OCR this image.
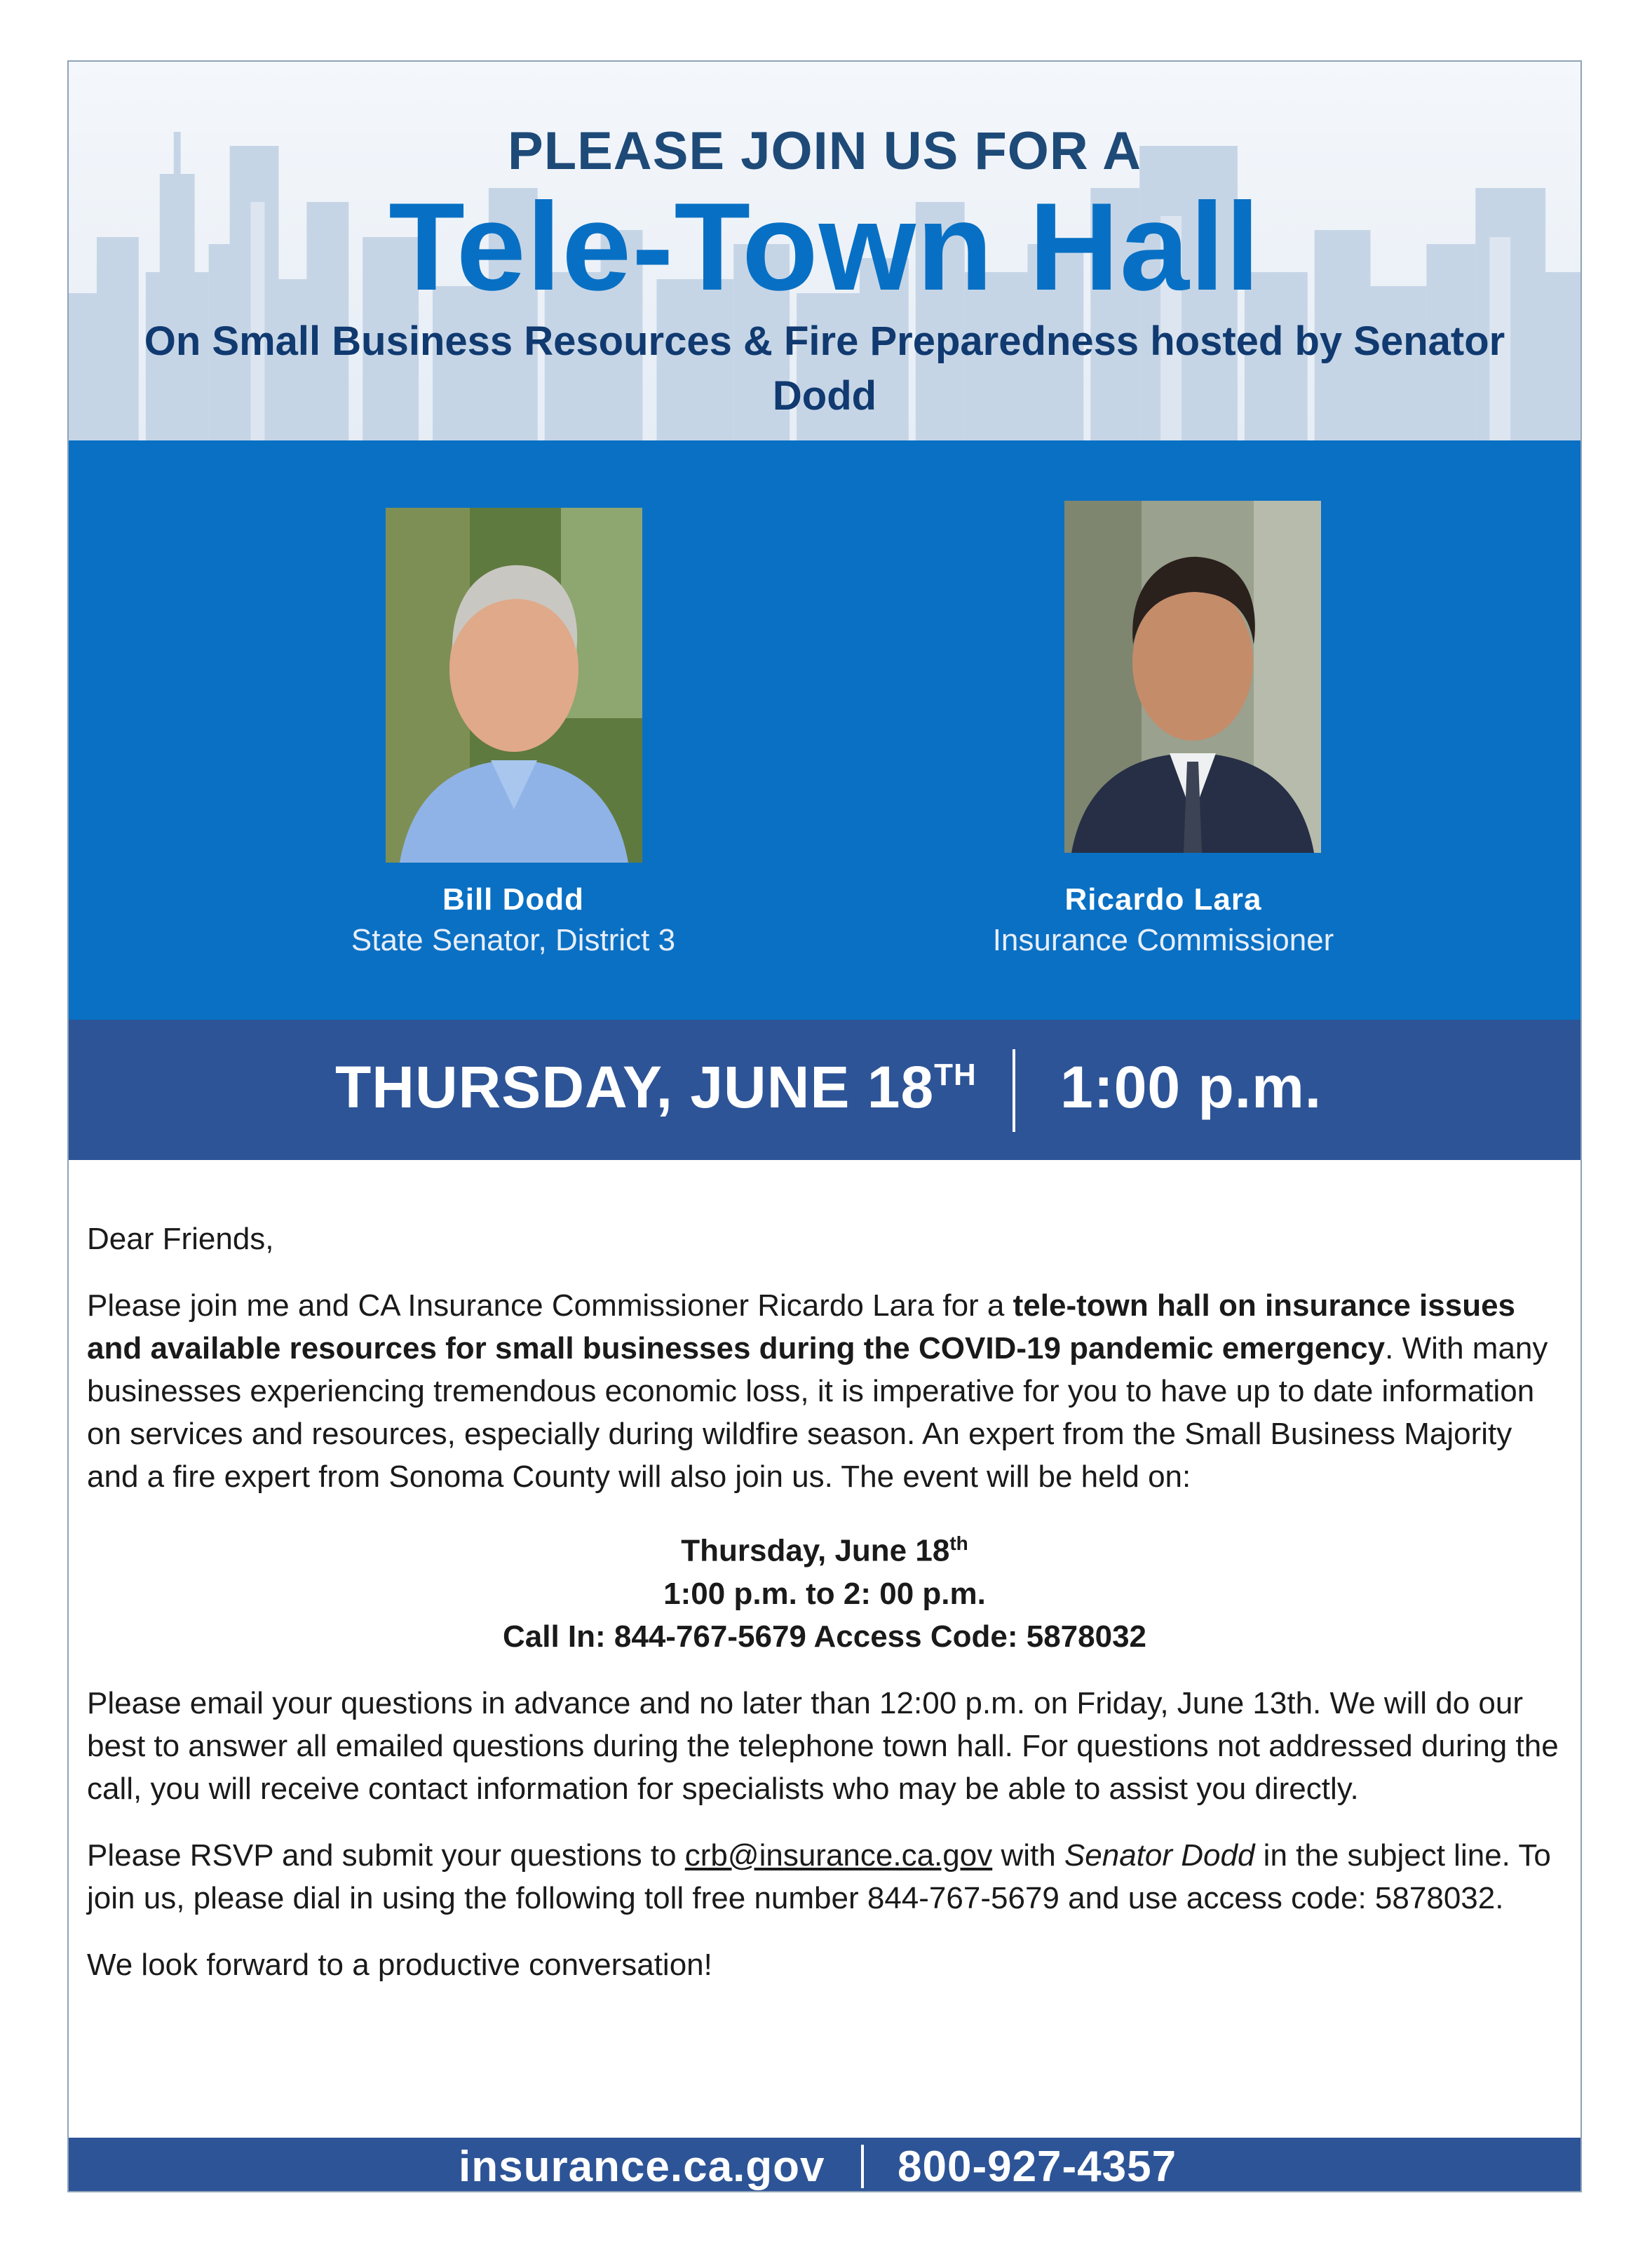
PLEASE JOIN US FOR A
Tele-Town Hall
On Small Business Resources & Fire Preparedness hosted by Senator Dodd
Bill Dodd
State Senator, District 3
Ricardo Lara
Insurance Commissioner
THURSDAY, JUNE 18TH 1:00 p.m.

Dear Friends,

Please join me and CA Insurance Commissioner Ricardo Lara for a tele-town hall on insurance issues and available resources for small businesses during the COVID-19 pandemic emergency. With many businesses experiencing tremendous economic loss, it is imperative for you to have up to date information on services and resources, especially during wildfire season. An expert from the Small Business Majority and a fire expert from Sonoma County will also join us. The event will be held on:

Thursday, June 18th
1:00 p.m. to 2: 00 p.m.
Call In: 844-767-5679 Access Code: 5878032

Please email your questions in advance and no later than 12:00 p.m. on Friday, June 13th. We will do our best to answer all emailed questions during the telephone town hall. For questions not addressed during the call, you will receive contact information for specialists who may be able to assist you directly.

Please RSVP and submit your questions to crb@insurance.ca.gov with Senator Dodd in the subject line. To join us, please dial in using the following toll free number 844-767-5679 and use access code: 5878032.

We look forward to a productive conversation!

insurance.ca.gov 800-927-4357
